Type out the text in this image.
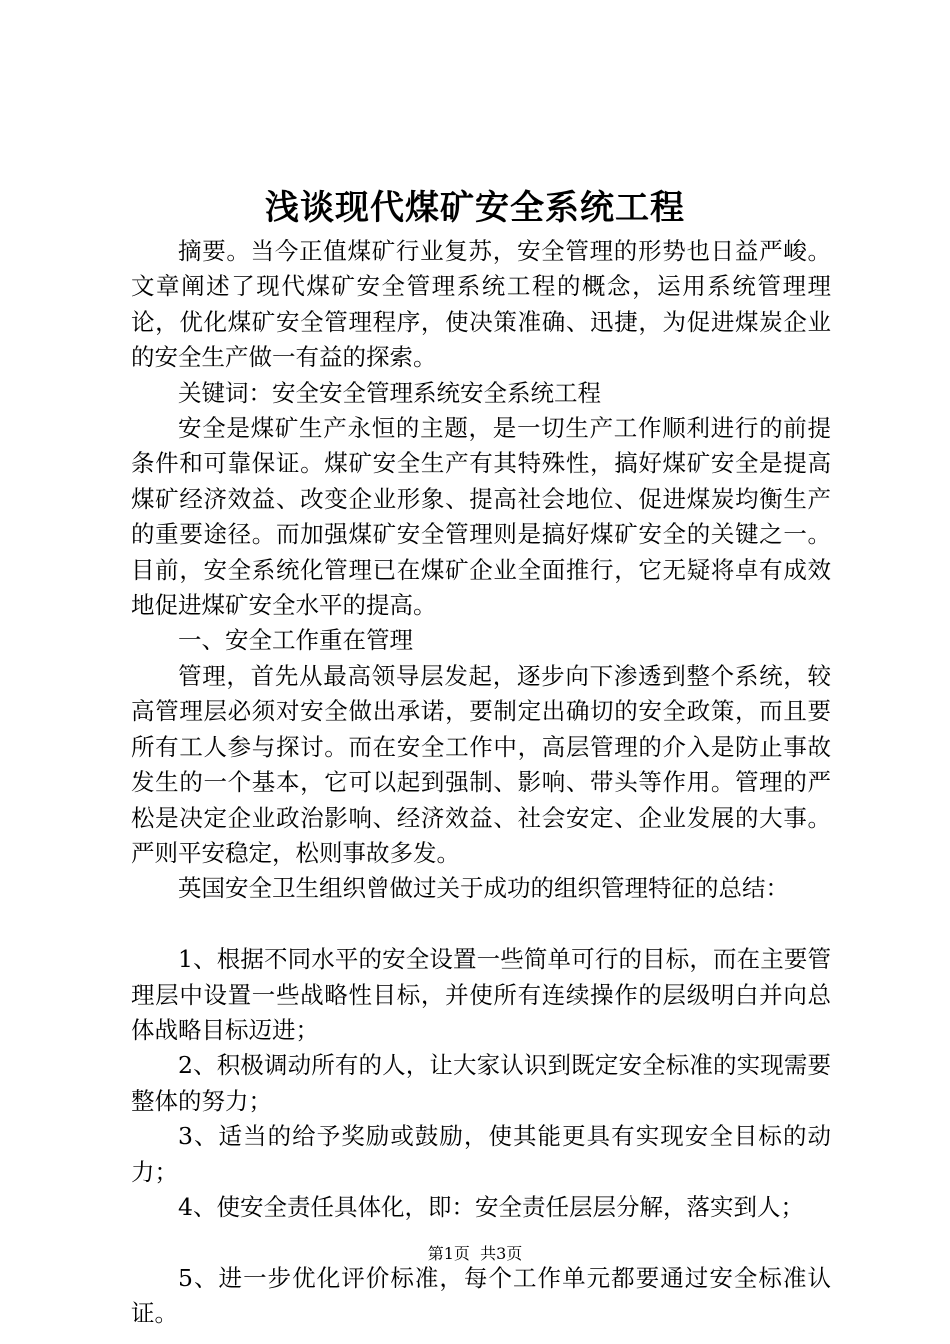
浅谈现代煤矿安全系统工程

摘要。当今正值煤矿行业复苏，安全管理的形势也日益严峻。文章阐述了现代煤矿安全管理系统工程的概念，运用系统管理理论，优化煤矿安全管理程序，使决策准确、迅捷，为促进煤炭企业的安全生产做一有益的探索。

关键词：安全安全管理系统安全系统工程

安全是煤矿生产永恒的主题，是一切生产工作顺利进行的前提条件和可靠保证。煤矿安全生产有其特殊性，搞好煤矿安全是提高煤矿经济效益、改变企业形象、提高社会地位、促进煤炭均衡生产的重要途径。而加强煤矿安全管理则是搞好煤矿安全的关键之一。目前，安全系统化管理已在煤矿企业全面推行，它无疑将卓有成效地促进煤矿安全水平的提高。

一、安全工作重在管理

管理，首先从最高领导层发起，逐步向下渗透到整个系统，较高管理层必须对安全做出承诺，要制定出确切的安全政策，而且要所有工人参与探讨。而在安全工作中，高层管理的介入是防止事故发生的一个基本，它可以起到强制、影响、带头等作用。管理的严松是决定企业政治影响、经济效益、社会安定、企业发展的大事。严则平安稳定，松则事故多发。

英国安全卫生组织曾做过关于成功的组织管理特征的总结：

1、根据不同水平的安全设置一些简单可行的目标，而在主要管理层中设置一些战略性目标，并使所有连续操作的层级明白并向总体战略目标迈进；

2、积极调动所有的人，让大家认识到既定安全标准的实现需要整体的努力；

3、适当的给予奖励或鼓励，使其能更具有实现安全目标的动力；

4、使安全责任具体化，即：安全责任层层分解，落实到人；

5、进一步优化评价标准，每个工作单元都要通过安全标准认证。

第1页 共3页
